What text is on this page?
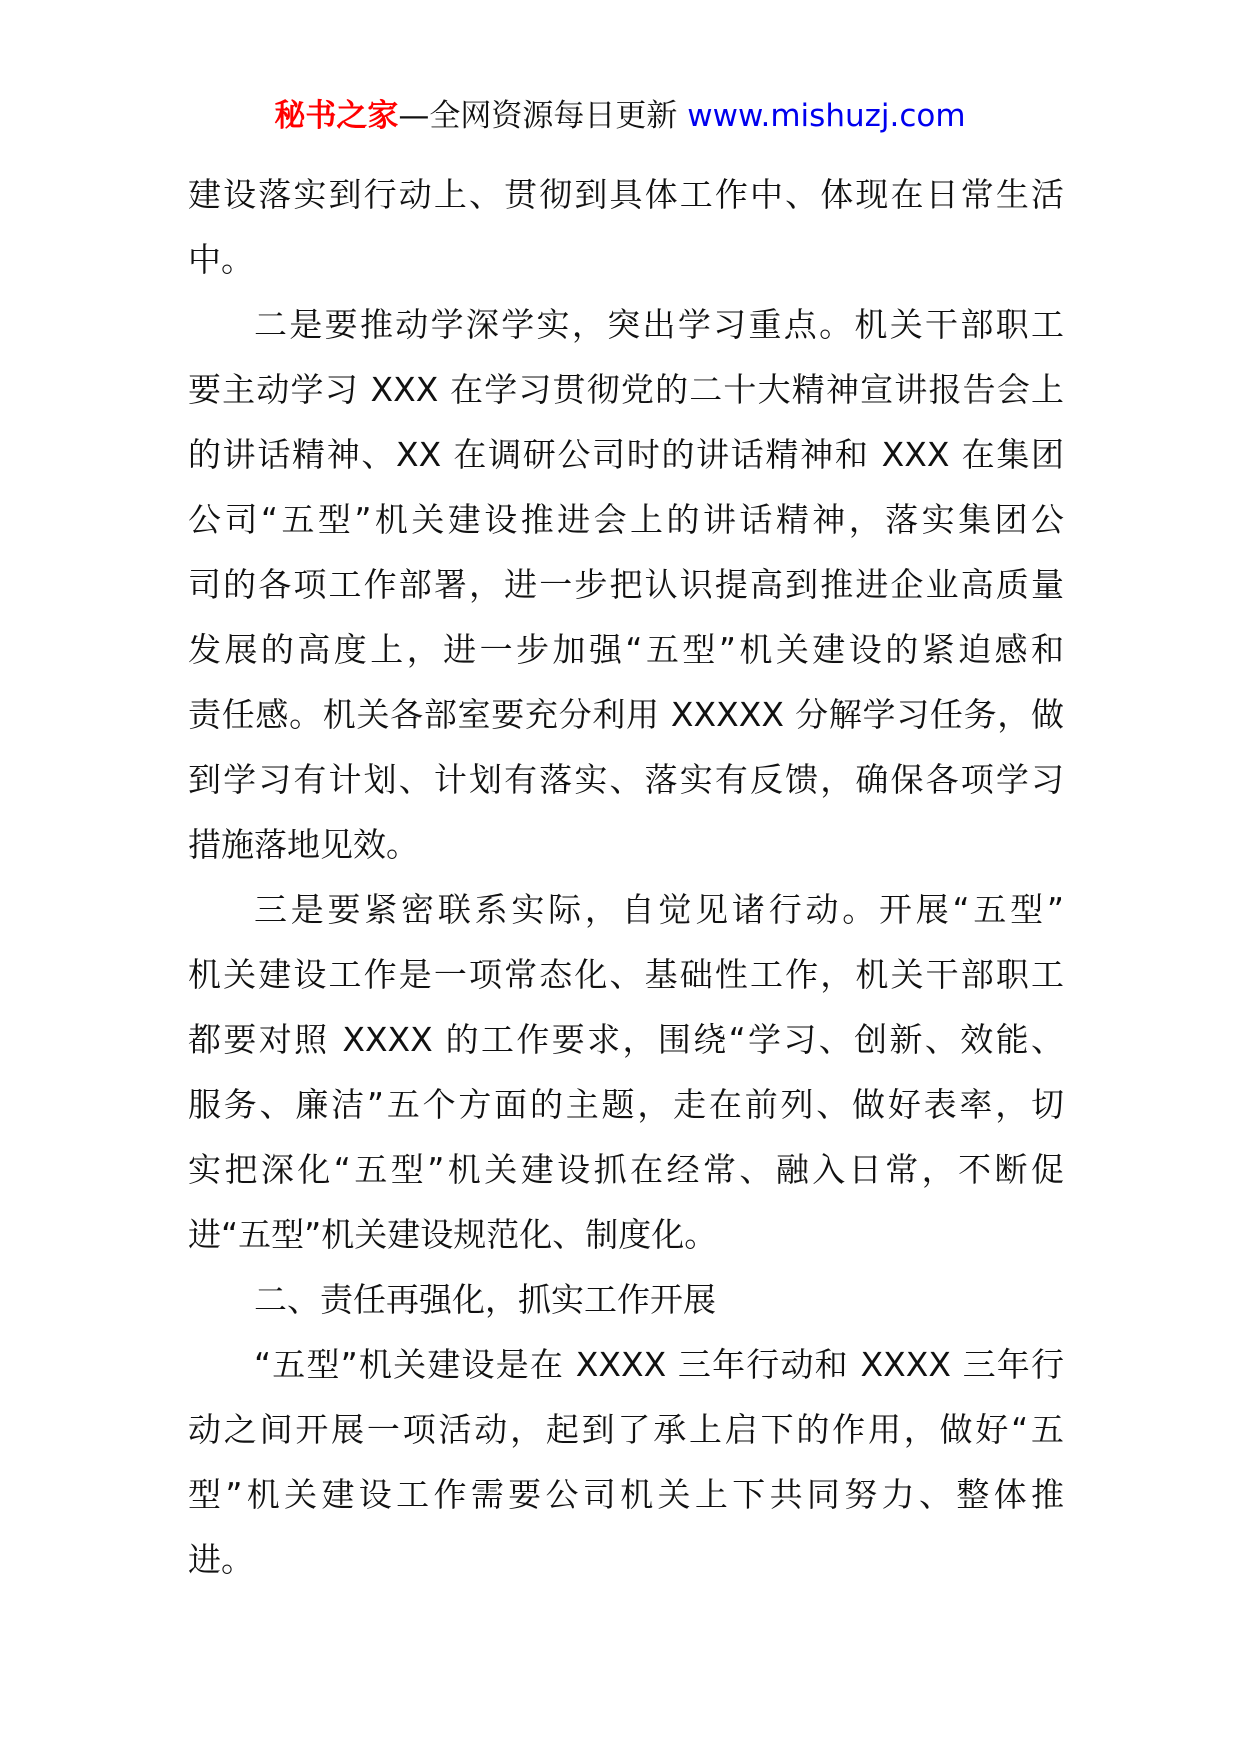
秘书之家—全网资源每日更新 www.mishuzj.com
建设落实到行动上、贯彻到具体工作中、体现在日常生活
中。
二是要推动学深学实，突出学习重点。机关干部职工
要主动学习 XXX 在学习贯彻党的二十大精神宣讲报告会上
的讲话精神、XX 在调研公司时的讲话精神和 XXX 在集团
公司“五型”机关建设推进会上的讲话精神，落实集团公
司的各项工作部署，进一步把认识提高到推进企业高质量
发展的高度上，进一步加强“五型”机关建设的紧迫感和
责任感。机关各部室要充分利用 XXXXX 分解学习任务，做
到学习有计划、计划有落实、落实有反馈，确保各项学习
措施落地见效。
三是要紧密联系实际，自觉见诸行动。开展“五型”
机关建设工作是一项常态化、基础性工作，机关干部职工
都要对照 XXXX 的工作要求，围绕“学习、创新、效能、
服务、廉洁”五个方面的主题，走在前列、做好表率，切
实把深化“五型”机关建设抓在经常、融入日常，不断促
进“五型”机关建设规范化、制度化。
二、责任再强化，抓实工作开展
“五型”机关建设是在 XXXX 三年行动和 XXXX 三年行
动之间开展一项活动，起到了承上启下的作用，做好“五
型”机关建设工作需要公司机关上下共同努力、整体推
进。
